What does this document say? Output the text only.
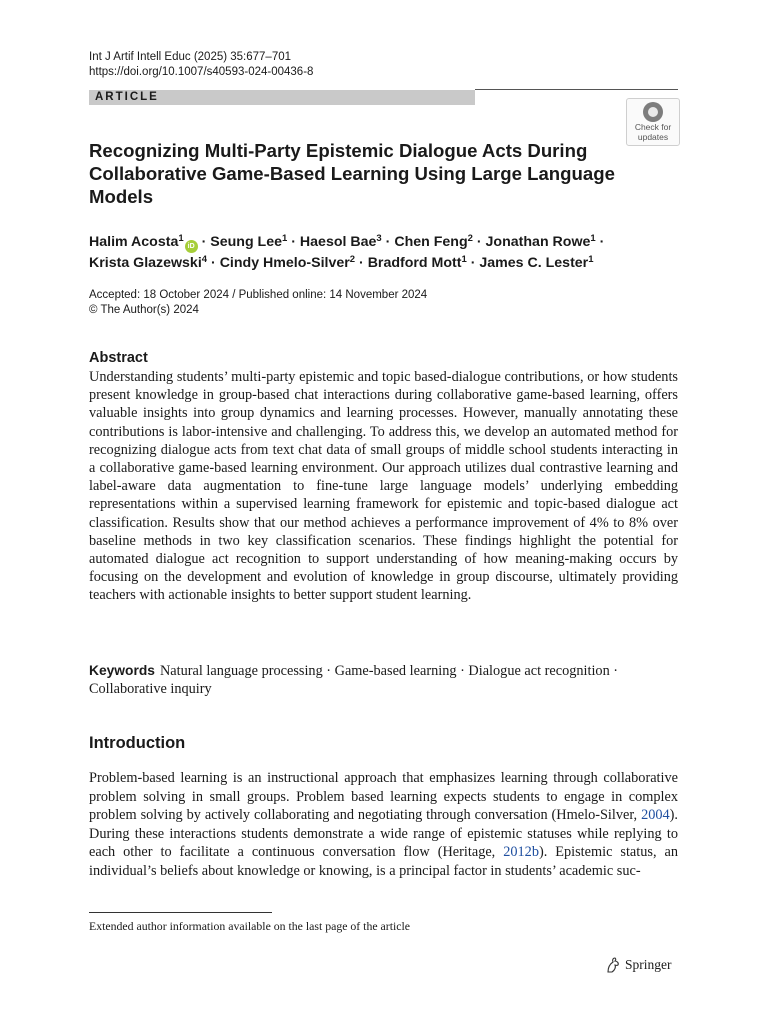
Int J Artif Intell Educ (2025) 35:677–701
https://doi.org/10.1007/s40593-024-00436-8
ARTICLE
Check for updates
Recognizing Multi-Party Epistemic Dialogue Acts During Collaborative Game-Based Learning Using Large Language Models
Halim Acosta$^1$iD · Seung Lee$^1$ · Haesol Bae$^3$ · Chen Feng$^2$ · Jonathan Rowe$^1$ ·
Krista Glazewski$^4$ · Cindy Hmelo-Silver$^2$ · Bradford Mott$^1$ · James C. Lester$^1$
Accepted: 18 October 2024 / Published online: 14 November 2024
© The Author(s) 2024
Abstract
Understanding students’ multi-party epistemic and topic based-dialogue contributions, or how students present knowledge in group-based chat interactions during collaborative game-based learning, offers valuable insights into group dynamics and learning processes. However, manually annotating these contributions is labor-intensive and challenging. To address this, we develop an automated method for recognizing dialogue acts from text chat data of small groups of middle school students interacting in a collaborative game-based learning environment. Our approach utilizes dual contrastive learning and label-aware data augmentation to fine-tune large language models’ underlying embedding representations within a supervised learning framework for epistemic and topic-based dialogue act classification. Results show that our method achieves a performance improvement of 4% to 8% over baseline methods in two key classification scenarios. These findings highlight the potential for automated dialogue act recognition to support understanding of how meaning-making occurs by focusing on the development and evolution of knowledge in group discourse, ultimately providing teachers with actionable insights to better support student learning.
Keywords Natural language processing · Game-based learning · Dialogue act recognition · Collaborative inquiry
Introduction
Problem-based learning is an instructional approach that emphasizes learning through collaborative problem solving in small groups. Problem based learning expects students to engage in complex problem solving by actively collaborating and negotiating through conversation (Hmelo-Silver, 2004). During these interactions students demonstrate a wide range of epistemic statuses while replying to each other to facilitate a continuous conversation flow (Heritage, 2012b). Epistemic status, an individual’s beliefs about knowledge or knowing, is a principal factor in students’ academic suc-
Extended author information available on the last page of the article
Springer
